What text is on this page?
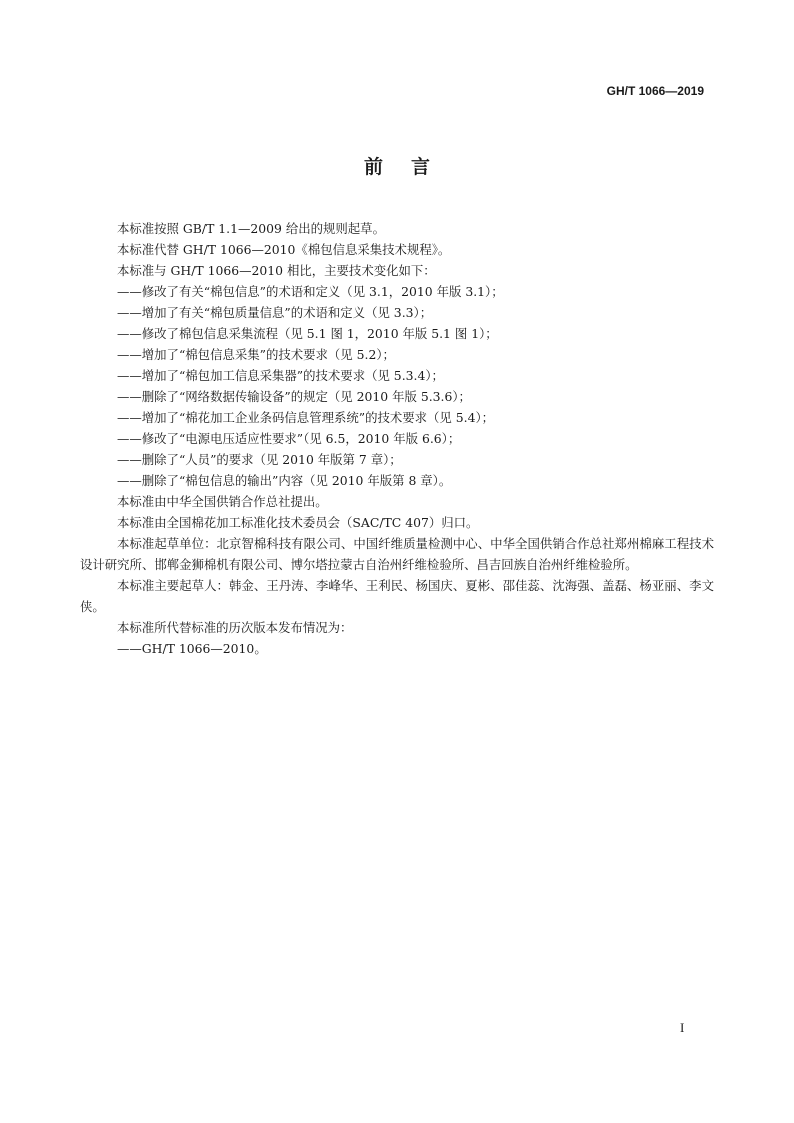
GH/T 1066—2019
前言

本标准按照 GB/T 1.1—2009 给出的规则起草。

本标准代替 GH/T 1066—2010《棉包信息采集技术规程》。

本标准与 GH/T 1066—2010 相比，主要技术变化如下：

——修改了有关“棉包信息”的术语和定义（见 3.1，2010 年版 3.1）；

——增加了有关“棉包质量信息”的术语和定义（见 3.3）；

——修改了棉包信息采集流程（见 5.1 图 1，2010 年版 5.1 图 1）；

——增加了“棉包信息采集”的技术要求（见 5.2）；

——增加了“棉包加工信息采集器”的技术要求（见 5.3.4）；

——删除了“网络数据传输设备”的规定（见 2010 年版 5.3.6）；

——增加了“棉花加工企业条码信息管理系统”的技术要求（见 5.4）；

——修改了“电源电压适应性要求”（见 6.5，2010 年版 6.6）；

——删除了“人员”的要求（见 2010 年版第 7 章）；

——删除了“棉包信息的输出”内容（见 2010 年版第 8 章）。

本标准由中华全国供销合作总社提出。

本标准由全国棉花加工标准化技术委员会（SAC/TC 407）归口。

本标准起草单位：北京智棉科技有限公司、中国纤维质量检测中心、中华全国供销合作总社郑州棉麻工程技术设计研究所、邯郸金狮棉机有限公司、博尔塔拉蒙古自治州纤维检验所、昌吉回族自治州纤维检验所。

本标准主要起草人：韩金、王丹涛、李峰华、王利民、杨国庆、夏彬、邵佳蕊、沈海强、盖磊、杨亚丽、李文侠。

本标准所代替标准的历次版本发布情况为：

——GH/T 1066—2010。

I
